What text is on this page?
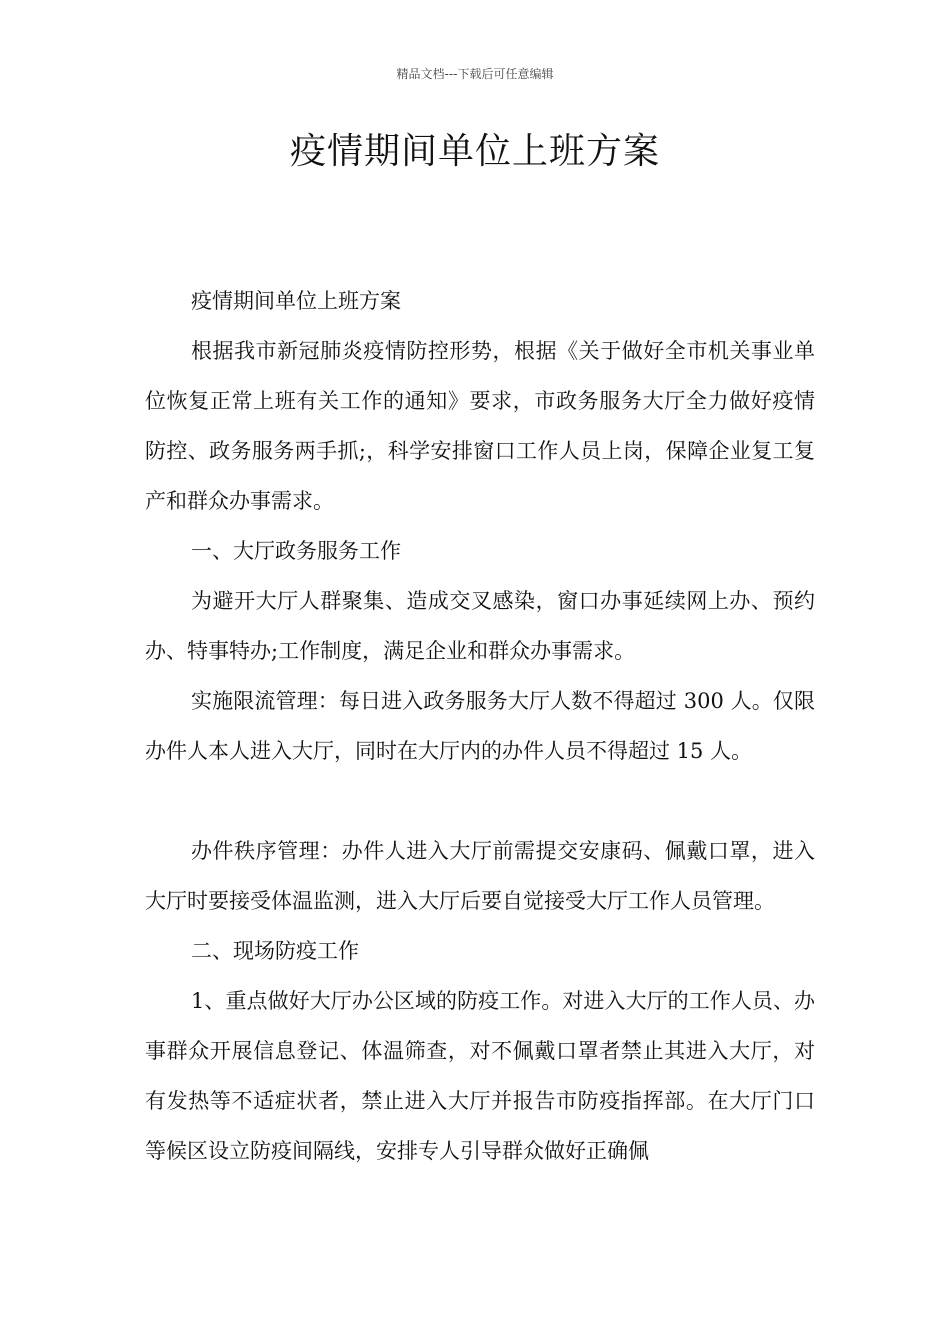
精品文档---下载后可任意编辑
疫情期间单位上班方案

疫情期间单位上班方案

根据我市新冠肺炎疫情防控形势，根据《关于做好全市机关事业单位恢复正常上班有关工作的通知》要求，市政务服务大厅全力做好疫情防控、政务服务两手抓;，科学安排窗口工作人员上岗，保障企业复工复产和群众办事需求。

一、大厅政务服务工作

为避开大厅人群聚集、造成交叉感染，窗口办事延续网上办、预约办、特事特办;工作制度，满足企业和群众办事需求。

实施限流管理：每日进入政务服务大厅人数不得超过 300 人。仅限办件人本人进入大厅，同时在大厅内的办件人员不得超过 15 人。

办件秩序管理：办件人进入大厅前需提交安康码、佩戴口罩，进入大厅时要接受体温监测，进入大厅后要自觉接受大厅工作人员管理。

二、现场防疫工作

1、重点做好大厅办公区域的防疫工作。对进入大厅的工作人员、办事群众开展信息登记、体温筛查，对不佩戴口罩者禁止其进入大厅，对有发热等不适症状者，禁止进入大厅并报告市防疫指挥部。在大厅门口等候区设立防疫间隔线，安排专人引导群众做好正确佩
